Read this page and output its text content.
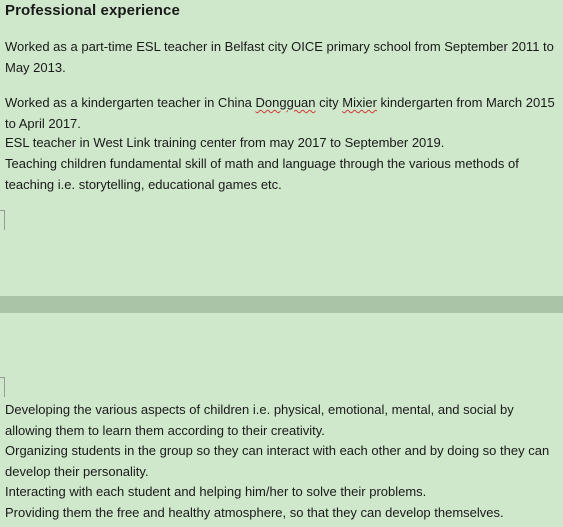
Professional experience

Worked as a part-time ESL teacher in Belfast city OICE primary school from September 2011 to May 2013.

Worked as a kindergarten teacher in China Dongguan city Mixier kindergarten from March 2015 to April 2017.

ESL teacher in West Link training center from may 2017 to September 2019.

Teaching children fundamental skill of math and language through the various methods of teaching i.e. storytelling, educational games etc.

Developing the various aspects of children i.e. physical, emotional, mental, and social by allowing them to learn them according to their creativity.

Organizing students in the group so they can interact with each other and by doing so they can develop their personality.

Interacting with each student and helping him/her to solve their problems.

Providing them the free and healthy atmosphere, so that they can develop themselves.
